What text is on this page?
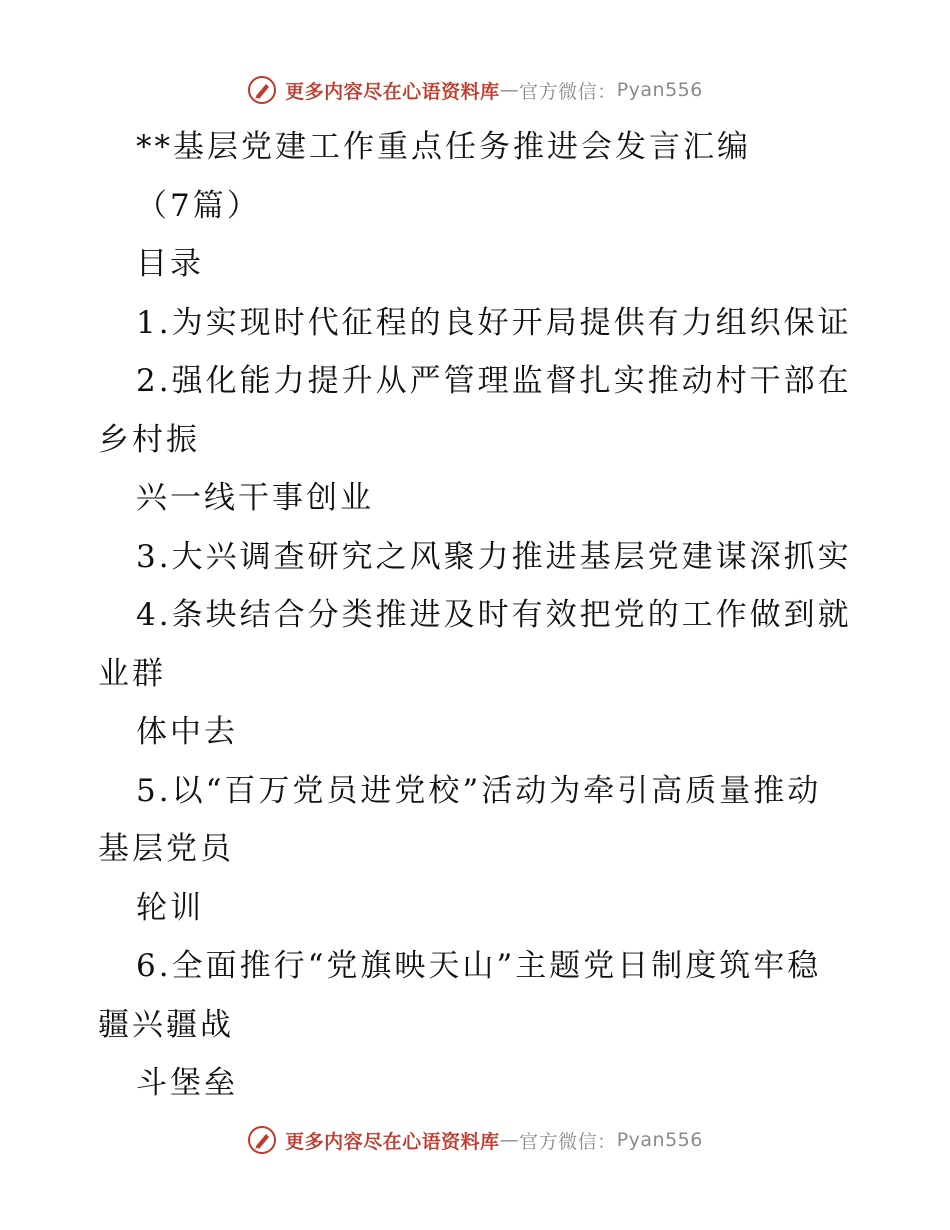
更多内容尽在心语资料库 — 官方微信： Pyan556
**基层党建工作重点任务推进会发言汇编
（7篇）
目录
1.为实现时代征程的良好开局提供有力组织保证
2.强化能力提升从严管理监督扎实推动村干部在
乡村振
兴一线干事创业
3.大兴调查研究之风聚力推进基层党建谋深抓实
4.条块结合分类推进及时有效把党的工作做到就
业群
体中去
5.以“百万党员进党校”活动为牵引高质量推动
基层党员
轮训
6.全面推行“党旗映天山”主题党日制度筑牢稳
疆兴疆战
斗堡垒
更多内容尽在心语资料库 — 官方微信： Pyan556
